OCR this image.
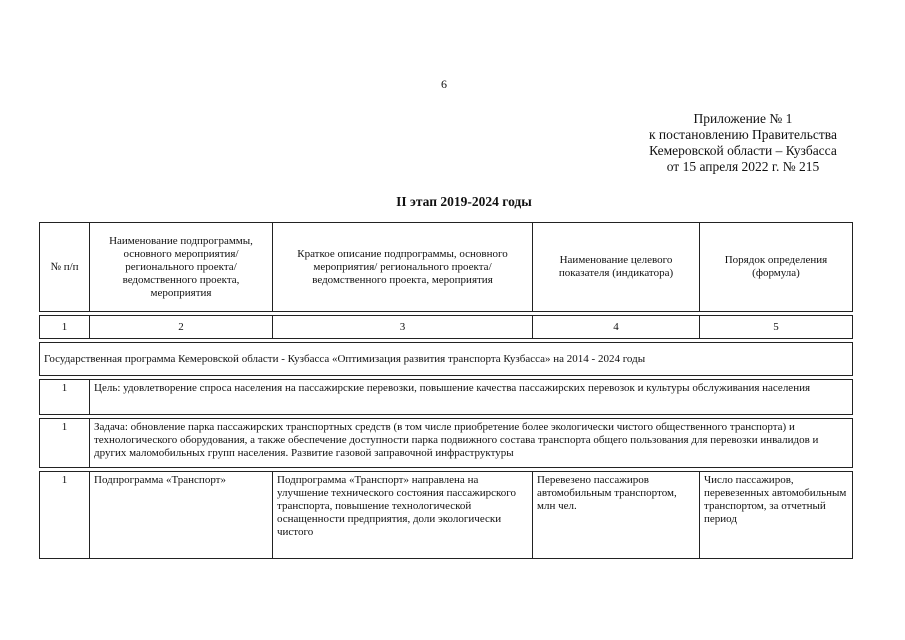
6
Приложение № 1
к постановлению Правительства
Кемеровской области – Кузбасса
от 15 апреля 2022 г. № 215
II этап 2019-2024 годы
№ п/п	Наименование подпрограммы, основного мероприятия/ регионального проекта/ ведомственного проекта, мероприятия	Краткое описание подпрограммы, основного мероприятия/ регионального проекта/ ведомственного проекта, мероприятия	Наименование целевого показателя (индикатора)	Порядок определения (формула)

1	2	3	4	5

Государственная программа Кемеровской области - Кузбасса «Оптимизация развития транспорта Кузбасса» на 2014 - 2024 годы				

1	Цель: удовлетворение спроса населения на пассажирские перевозки, повышение качества пассажирских перевозок и культуры обслуживания населения			

1	Задача: обновление парка пассажирских транспортных средств (в том числе приобретение более экологически чистого общественного транспорта) и технологического оборудования, а также обеспечение доступности парка подвижного состава транспорта общего пользования для перевозки инвалидов и других маломобильных групп населения. Развитие газовой заправочной инфраструктуры			

1	Подпрограмма «Транспорт»	Подпрограмма «Транспорт» направлена на улучшение технического состояния пассажирского транспорта, повышение технологической оснащенности предприятия, доли экологически чистого	Перевезено пассажиров автомобильным транспортом, млн чел.	Число пассажиров, перевезенных автомобильным транспортом, за отчетный период
